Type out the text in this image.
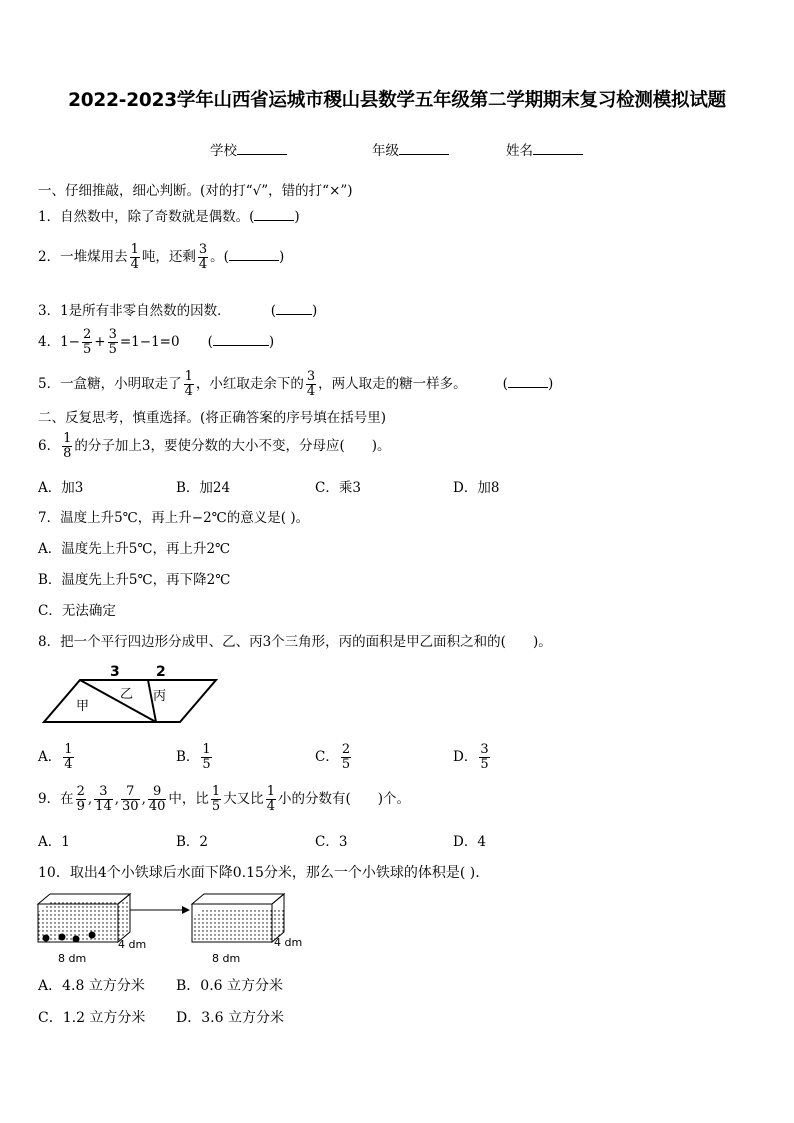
2022-2023学年山西省运城市稷山县数学五年级第二学期期末复习检测模拟试题
学校	年级	姓名
一、仔细推敲，细心判断。(对的打“√”，错的打“×”)
1．自然数中，除了奇数就是偶数。(	)
2．一堆煤用去 $\frac{1}{4}$ 吨，还剩 $\frac{3}{4}$ 。(	)
3．1是所有非零自然数的因数．	(	)
4．$1- \frac{2}{5} + \frac{3}{5} =1-1=0$ (	)
5．一盒糖，小明取走了 $\frac{1}{4}$ ，小红取走余下的 $\frac{3}{4}$ ，两人取走的糖一样多。	(	)
二、反复思考，慎重选择。(将正确答案的序号填在括号里)
6． $\frac{1}{8}$ 的分子加上3，要使分数的大小不变，分母应(　　)。
A．加3	B．加24	C．乘3	D．加8
7．温度上升5℃，再上升−2℃的意义是( )。
A．温度先上升5℃，再上升2℃
B．温度先上升5℃，再下降2℃
C．无法确定
8．把一个平行四边形分成甲、乙、丙3个三角形，丙的面积是甲乙面积之和的(　　)。
3	2
甲
乙 丙
A． $\frac{1}{4}$	B． $\frac{1}{5}$	C． $\frac{2}{5}$	D． $\frac{3}{5}$
9．在 $\frac{2}{9}$ , $\frac{3}{14}$ , $\frac{7}{30}$ , $\frac{9}{40}$ 中，比 $\frac{1}{5}$ 大又比 $\frac{1}{4}$ 小的分数有(　　)个。
A．1	B．2	C．3	D．4
10．取出4个小铁球后水面下降0.15分米，那么一个小铁球的体积是( ).
4 dm
8 dm
4 dm
8 dm
A．4.8 立方分米 B．0.6 立方分米
C．1.2 立方分米 D．3.6 立方分米
